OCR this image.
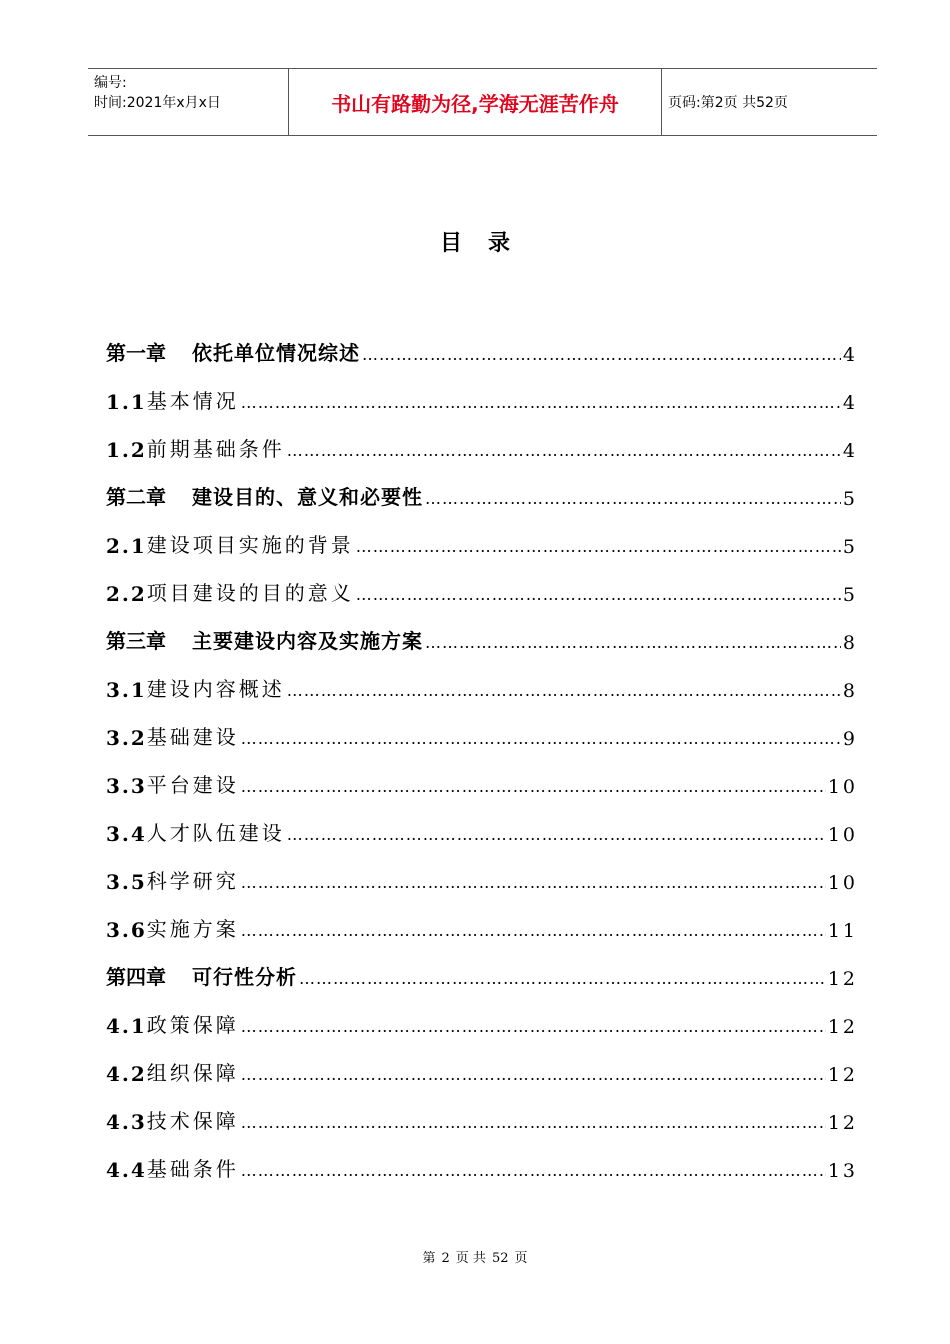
编号:
时间:2021年x月x日	书山有路勤为径,学海无涯苦作舟	页码:第2页 共52页
目录
第一章 依托单位情况综述 …………………………………………………………………………………………………………………………………………………………………………………………	4
1.1 基本情况 …………………………………………………………………………………………………………………………………………………………………………………………	4
1.2 前期基础条件 …………………………………………………………………………………………………………………………………………………………………………………………	4
第二章 建设目的、意义和必要性 …………………………………………………………………………………………………………………………………………………………………………………………	5
2.1 建设项目实施的背景 …………………………………………………………………………………………………………………………………………………………………………………………	5
2.2 项目建设的目的意义 …………………………………………………………………………………………………………………………………………………………………………………………	5
第三章 主要建设内容及实施方案 …………………………………………………………………………………………………………………………………………………………………………………………	8
3.1 建设内容概述 …………………………………………………………………………………………………………………………………………………………………………………………	8
3.2 基础建设 …………………………………………………………………………………………………………………………………………………………………………………………	9
3.3 平台建设 …………………………………………………………………………………………………………………………………………………………………………………………	10
3.4 人才队伍建设 …………………………………………………………………………………………………………………………………………………………………………………………	10
3.5 科学研究 …………………………………………………………………………………………………………………………………………………………………………………………	10
3.6 实施方案 …………………………………………………………………………………………………………………………………………………………………………………………	11
第四章 可行性分析 …………………………………………………………………………………………………………………………………………………………………………………………	12
4.1 政策保障 …………………………………………………………………………………………………………………………………………………………………………………………	12
4.2 组织保障 …………………………………………………………………………………………………………………………………………………………………………………………	12
4.3 技术保障 …………………………………………………………………………………………………………………………………………………………………………………………	12
4.4 基础条件 …………………………………………………………………………………………………………………………………………………………………………………………	13
第 2 页 共 52 页
